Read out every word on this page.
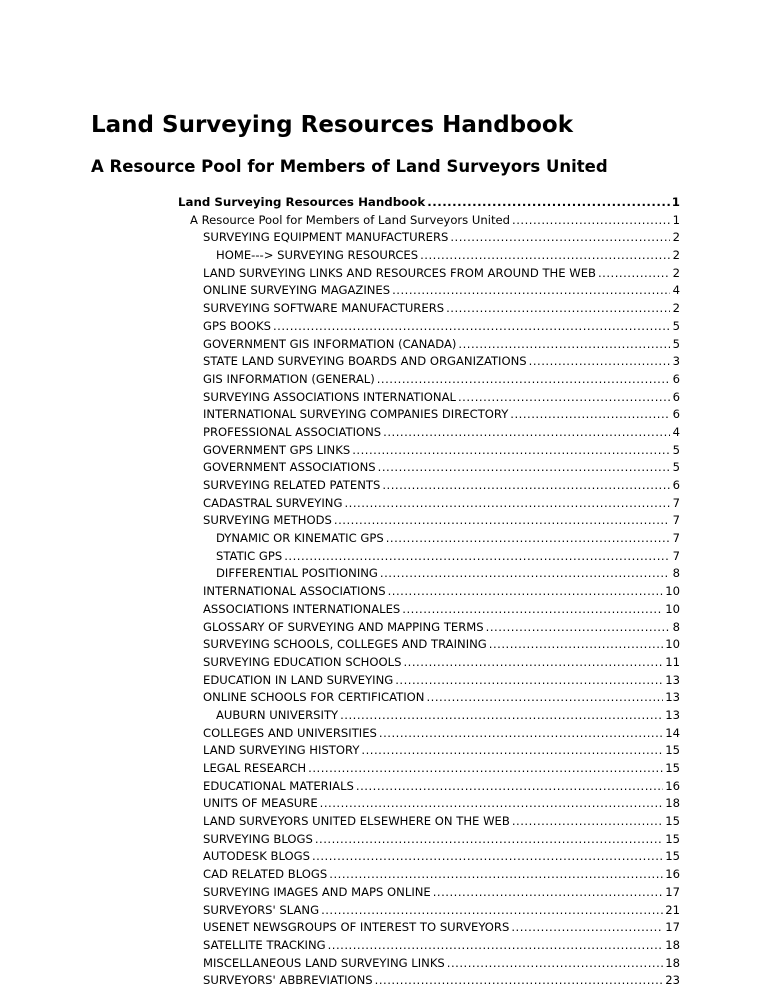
Land Surveying Resources Handbook
A Resource Pool for Members of Land Surveyors United
Land Surveying Resources Handbook .....	1
A Resource Pool for Members of Land Surveyors United .....	1
SURVEYING EQUIPMENT MANUFACTURERS .....	2
HOME---> SURVEYING RESOURCES .....	2
LAND SURVEYING LINKS AND RESOURCES FROM AROUND THE WEB .....	2
ONLINE SURVEYING MAGAZINES .....	4
SURVEYING SOFTWARE MANUFACTURERS .....	2
GPS BOOKS .....	5
GOVERNMENT GIS INFORMATION (CANADA) .....	5
STATE LAND SURVEYING BOARDS AND ORGANIZATIONS .....	3
GIS INFORMATION (GENERAL) .....	6
SURVEYING ASSOCIATIONS INTERNATIONAL .....	6
INTERNATIONAL SURVEYING COMPANIES DIRECTORY .....	6
PROFESSIONAL ASSOCIATIONS .....	4
GOVERNMENT GPS LINKS .....	5
GOVERNMENT ASSOCIATIONS .....	5
SURVEYING RELATED PATENTS .....	6
CADASTRAL SURVEYING .....	7
SURVEYING METHODS .....	7
DYNAMIC OR KINEMATIC GPS .....	7
STATIC GPS .....	7
DIFFERENTIAL POSITIONING .....	8
INTERNATIONAL ASSOCIATIONS .....	10
ASSOCIATIONS INTERNATIONALES .....	10
GLOSSARY OF SURVEYING AND MAPPING TERMS .....	8
SURVEYING SCHOOLS, COLLEGES AND TRAINING .....	10
SURVEYING EDUCATION SCHOOLS .....	11
EDUCATION IN LAND SURVEYING .....	13
ONLINE SCHOOLS FOR CERTIFICATION .....	13
AUBURN UNIVERSITY .....	13
COLLEGES AND UNIVERSITIES .....	14
LAND SURVEYING HISTORY .....	15
LEGAL RESEARCH .....	15
EDUCATIONAL MATERIALS .....	16
UNITS OF MEASURE .....	18
LAND SURVEYORS UNITED ELSEWHERE ON THE WEB .....	15
SURVEYING BLOGS .....	15
AUTODESK BLOGS .....	15
CAD RELATED BLOGS .....	16
SURVEYING IMAGES AND MAPS ONLINE .....	17
SURVEYORS' SLANG .....	21
USENET NEWSGROUPS OF INTEREST TO SURVEYORS .....	17
SATELLITE TRACKING .....	18
MISCELLANEOUS LAND SURVEYING LINKS .....	18
SURVEYORS' ABBREVIATIONS .....	23
